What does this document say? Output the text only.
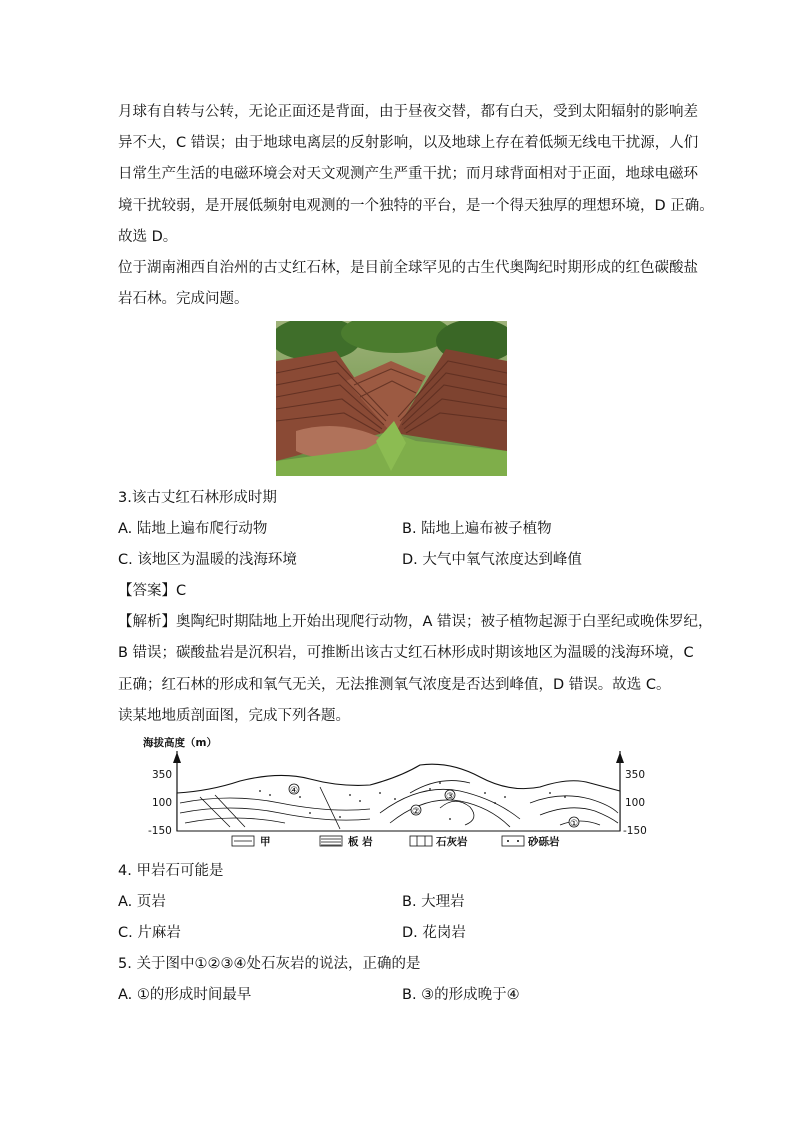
月球有自转与公转，无论正面还是背面，由于昼夜交替，都有白天，受到太阳辐射的影响差
异不大，C 错误；由于地球电离层的反射影响，以及地球上存在着低频无线电干扰源，人们
日常生产生活的电磁环境会对天文观测产生严重干扰；而月球背面相对于正面，地球电磁环
境干扰较弱，是开展低频射电观测的一个独特的平台，是一个得天独厚的理想环境，D 正确。
故选 D。
位于湖南湘西自治州的古丈红石林，是目前全球罕见的古生代奥陶纪时期形成的红色碳酸盐
岩石林。完成问题。
3.该古丈红石林形成时期
A. 陆地上遍布爬行动物	B. 陆地上遍布被子植物
C. 该地区为温暖的浅海环境	D. 大气中氧气浓度达到峰值
【答案】C
【解析】奥陶纪时期陆地上开始出现爬行动物，A 错误；被子植物起源于白垩纪或晚侏罗纪，
B 错误；碳酸盐岩是沉积岩，可推断出该古丈红石林形成时期该地区为温暖的浅海环境，C
正确；红石林的形成和氧气无关，无法推测氧气浓度是否达到峰值，D 错误。故选 C。
读某地地质剖面图，完成下列各题。
海拔高度（m）
350
100
-150
350
100
-150
④
③
②
①
甲	板 岩	石灰岩	砂砾岩
4. 甲岩石可能是
A. 页岩	B. 大理岩
C. 片麻岩	D. 花岗岩
5. 关于图中①②③④处石灰岩的说法，正确的是
A. ①的形成时间最早	B. ③的形成晚于④
